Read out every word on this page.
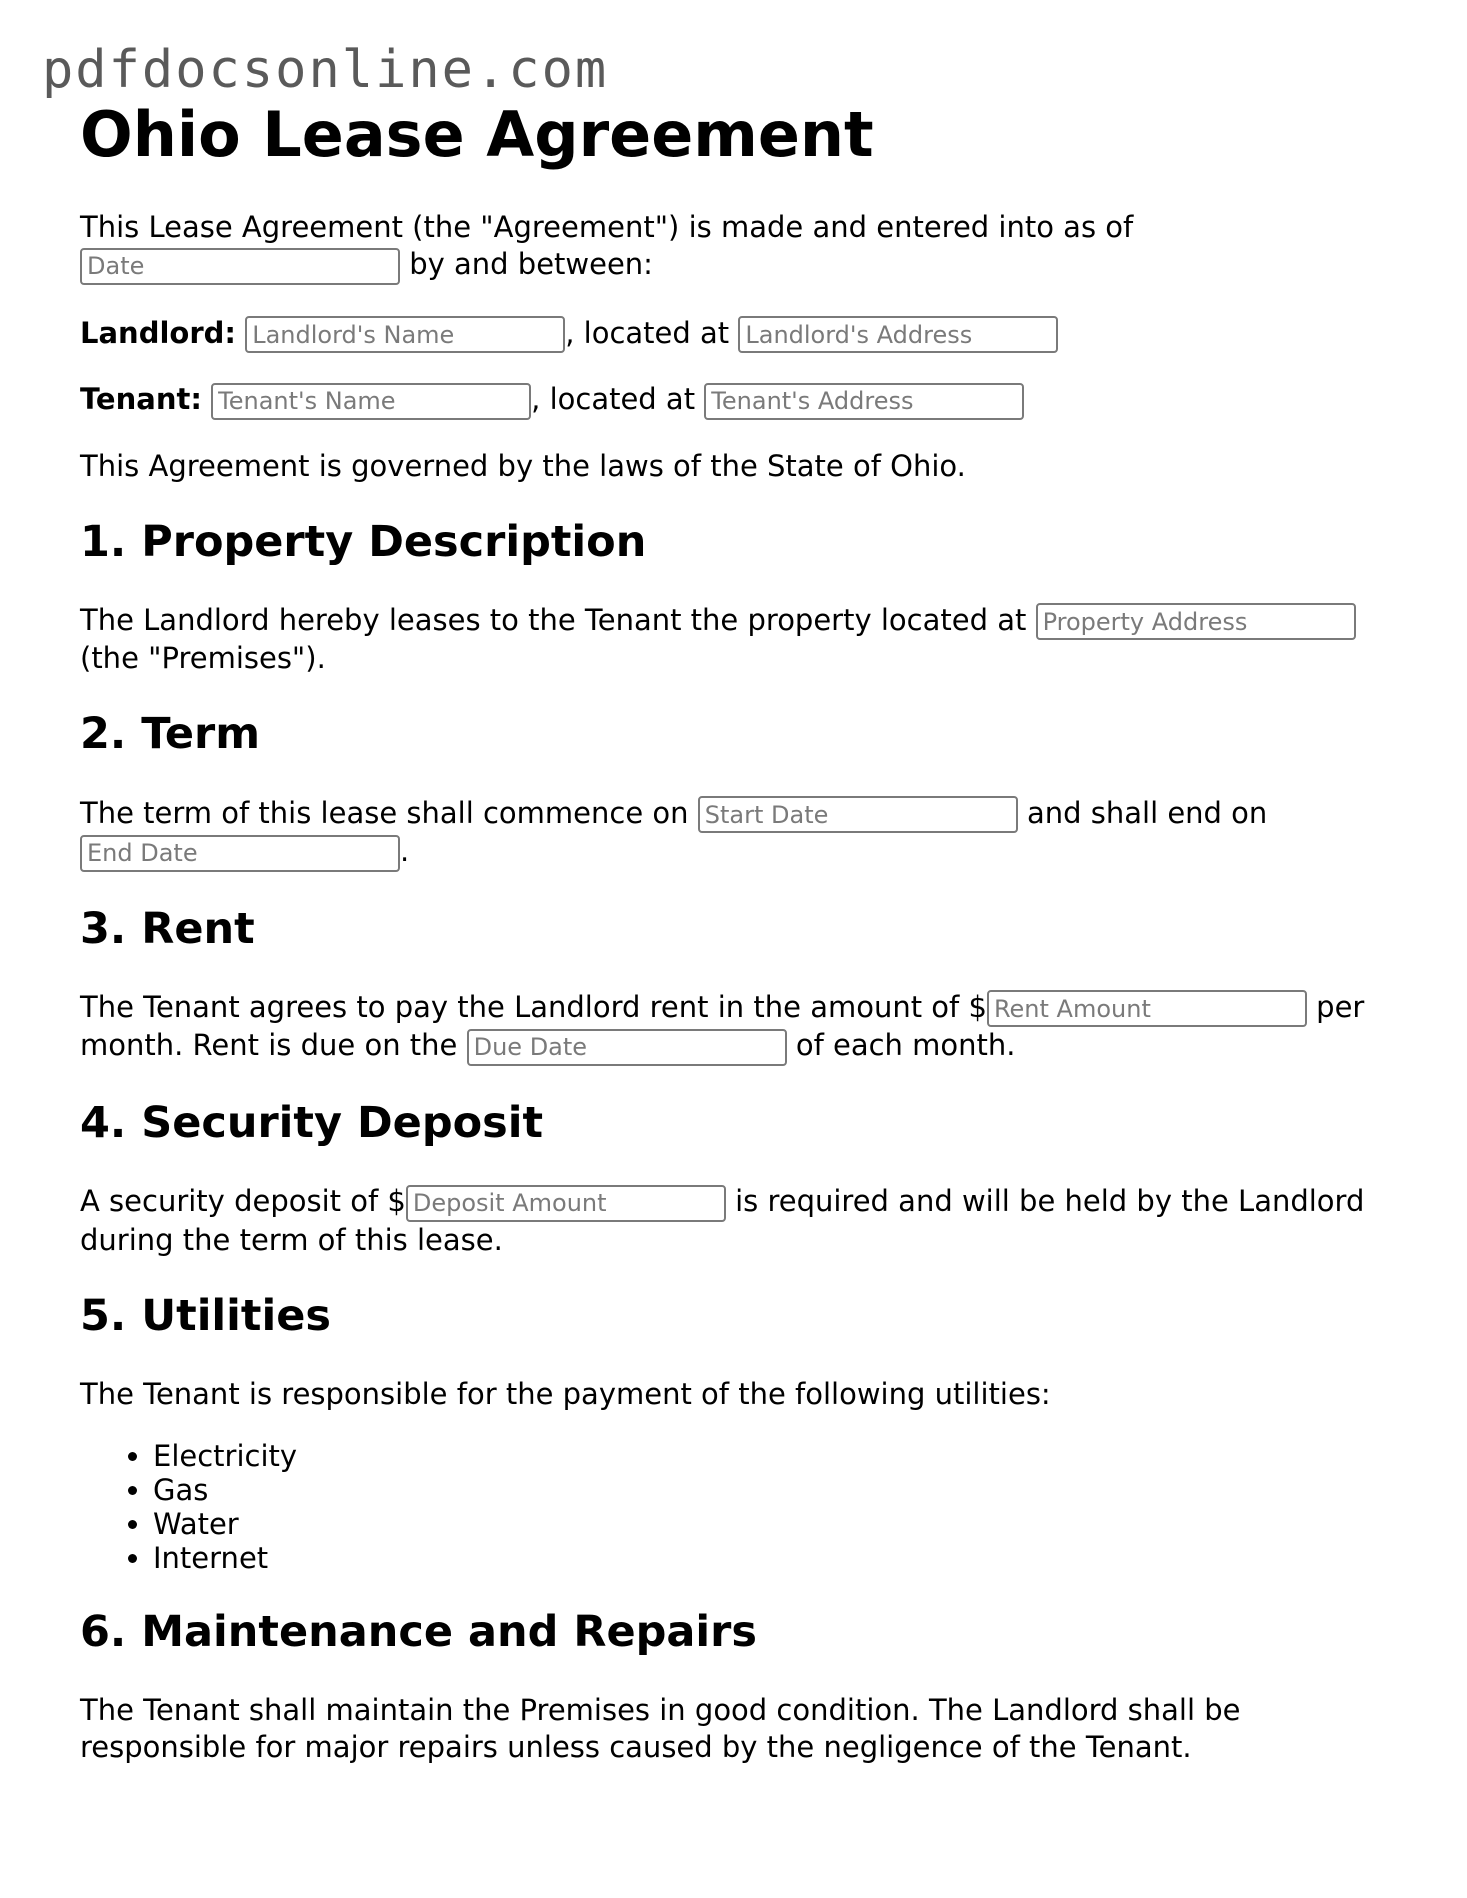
pdfdocsonline.com
Ohio Lease Agreement

This Lease Agreement (the "Agreement") is made and entered into as of
Date by and between:

Landlord: Landlord's Name	, located at Landlord's Address

Tenant: Tenant's Name	, located at Tenant's Address

This Agreement is governed by the laws of the State of Ohio.

1. Property Description

The Landlord hereby leases to the Tenant the property located at Property Address
(the "Premises").

2. Term

The term of this lease shall commence on Start Date	and shall end on
End Date.

3. Rent

The Tenant agrees to pay the Landlord rent in the amount of $Rent Amount	per month. Rent is due on the Due Date	of each month.

4. Security Deposit

A security deposit of $Deposit Amount	is required and will be held by the Landlord during the term of this lease.

5. Utilities

The Tenant is responsible for the payment of the following utilities:

• Electricity
• Gas
• Water
• Internet
6. Maintenance and Repairs

The Tenant shall maintain the Premises in good condition. The Landlord shall be responsible for major repairs unless caused by the negligence of the Tenant.
